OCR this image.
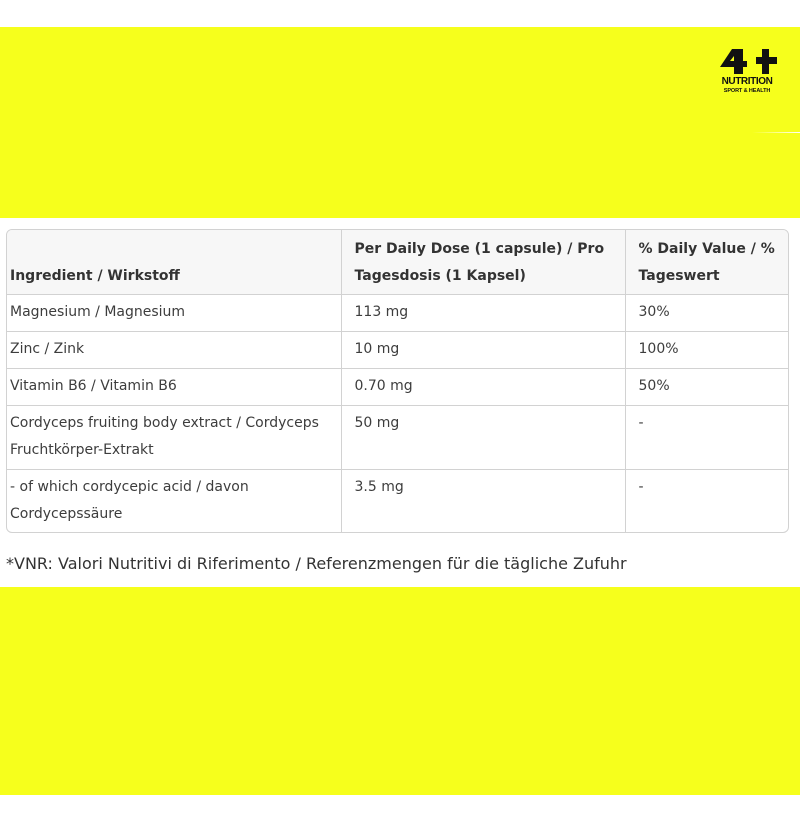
NUTRITION
SPORT & HEALTH
Ingredient / Wirkstoff	Per Daily Dose (1 capsule) / Pro Tagesdosis (1 Kapsel)	% Daily Value / % Tageswert
Magnesium / Magnesium	113 mg	30%
Zinc / Zink	10 mg	100%
Vitamin B6 / Vitamin B6	0.70 mg	50%
Cordyceps fruiting body extract / Cordyceps Fruchtkörper-Extrakt	50 mg	-
- of which cordycepic acid / davon Cordycepssäure	3.5 mg	-
*VNR: Valori Nutritivi di Riferimento / Referenzmengen für die tägliche Zufuhr
